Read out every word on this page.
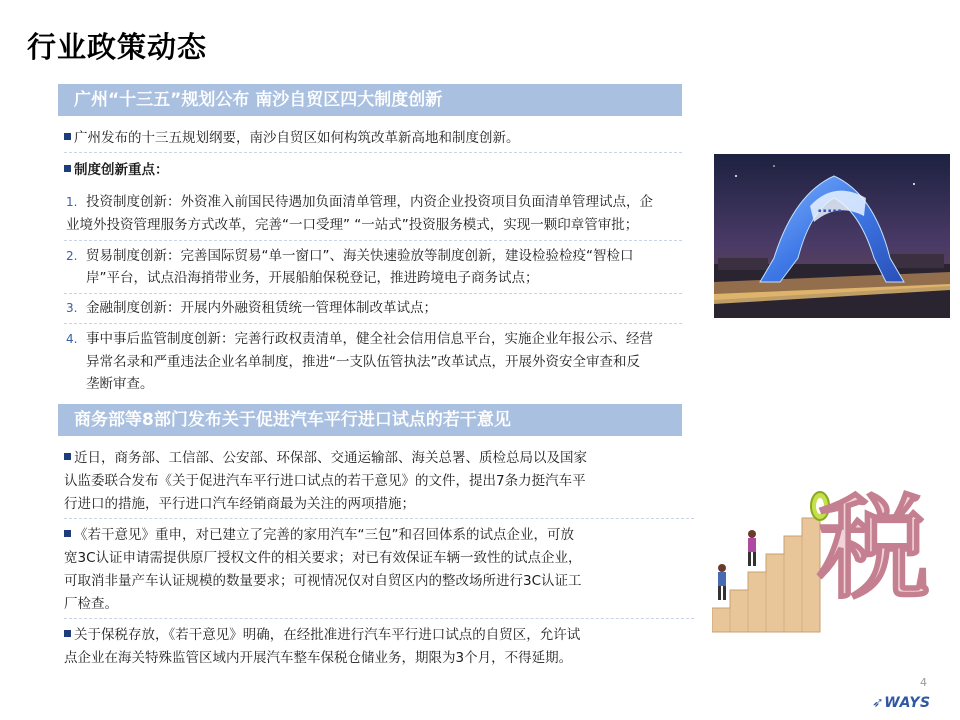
行业政策动态
广州“十三五”规划公布 南沙自贸区四大制度创新
广州发布的十三五规划纲要，南沙自贸区如何构筑改革新高地和制度创新。
制度创新重点：
1. 投资制度创新：外资准入前国民待遇加负面清单管理，内资企业投资项目负面清单管理试点，企
业境外投资管理服务方式改革，完善“一口受理” “一站式”投资服务模式，实现一颗印章管审批；
2. 贸易制度创新：完善国际贸易“单一窗口”、海关快速验放等制度创新，建设检验检疫“智检口
岸”平台，试点沿海捎带业务，开展船舶保税登记，推进跨境电子商务试点；
3. 金融制度创新：开展内外融资租赁统一管理体制改革试点；
4. 事中事后监管制度创新：完善行政权责清单，健全社会信用信息平台，实施企业年报公示、经营
异常名录和严重违法企业名单制度，推进“一支队伍管执法”改革试点，开展外资安全审查和反
垄断审查。
商务部等8部门发布关于促进汽车平行进口试点的若干意见
近日，商务部、工信部、公安部、环保部、交通运输部、海关总署、质检总局以及国家
认监委联合发布《关于促进汽车平行进口试点的若干意见》的文件，提出7条力挺汽车平
行进口的措施，平行进口汽车经销商最为关注的两项措施；
《若干意见》重申，对已建立了完善的家用汽车“三包”和召回体系的试点企业，可放
宽3C认证申请需提供原厂授权文件的相关要求；对已有效保证车辆一致性的试点企业，
可取消非量产车认证规模的数量要求；可视情况仅对自贸区内的整改场所进行3C认证工
厂检查。
关于保税存放，《若干意见》明确，在经批准进行汽车平行进口试点的自贸区，允许试
点企业在海关特殊监管区域内开展汽车整车保税仓储业务，期限为3个月，不得延期。
▪ ▪ ▪ ▪ ▪
税
4
➶WAYS
